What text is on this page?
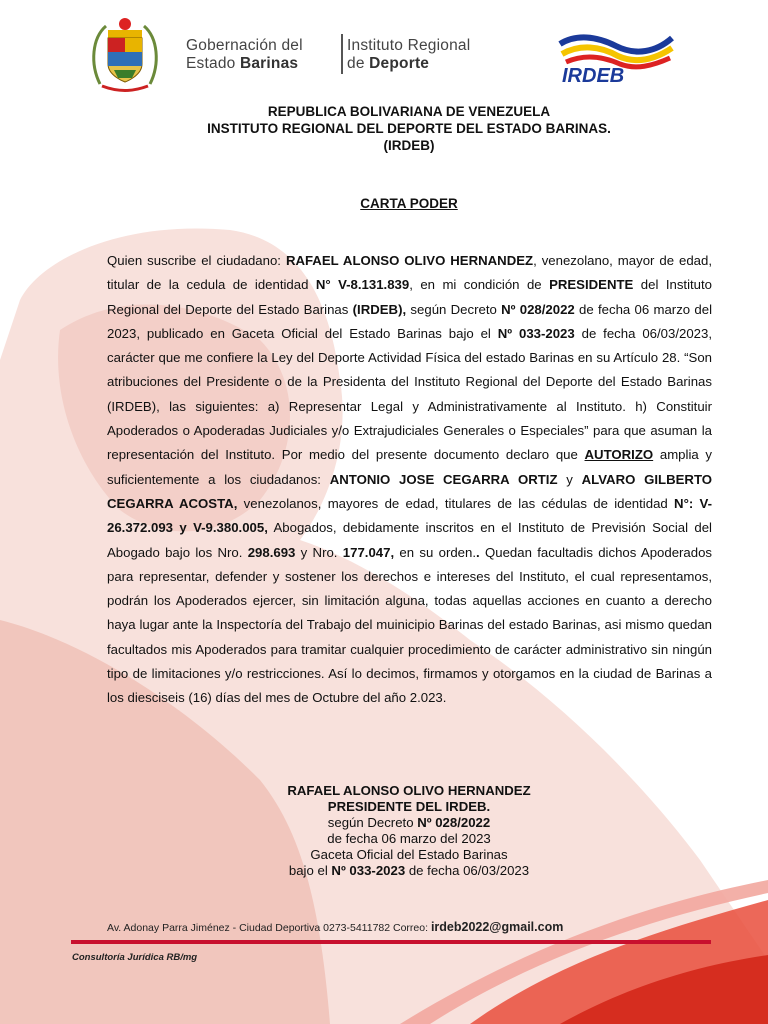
Gobernación del
Estado Barinas
Instituto Regional
de Deporte
IRDEB
REPUBLICA BOLIVARIANA DE VENEZUELA
INSTITUTO REGIONAL DEL DEPORTE DEL ESTADO BARINAS.
(IRDEB)
CARTA PODER
Quien suscribe el ciudadano: RAFAEL ALONSO OLIVO HERNANDEZ, venezolano, mayor de edad, titular de la cedula de identidad N° V-8.131.839, en mi condición de PRESIDENTE del Instituto Regional del Deporte del Estado Barinas (IRDEB), según Decreto Nº 028/2022 de fecha 06 marzo del 2023, publicado en Gaceta Oficial del Estado Barinas bajo el Nº 033-2023 de fecha 06/03/2023, carácter que me confiere la Ley del Deporte Actividad Física del estado Barinas en su Artículo 28. “Son atribuciones del Presidente o de la Presidenta del Instituto Regional del Deporte del Estado Barinas (IRDEB), las siguientes: a) Representar Legal y Administrativamente al Instituto. h) Constituir Apoderados o Apoderadas Judiciales y/o Extrajudiciales Generales o Especiales” para que asuman la representación del Instituto. Por medio del presente documento declaro que AUTORIZO amplia y suficientemente a los ciudadanos: ANTONIO JOSE CEGARRA ORTIZ y ALVARO GILBERTO CEGARRA ACOSTA, venezolanos, mayores de edad, titulares de las cédulas de identidad N°: V-26.372.093 y V-9.380.005, Abogados, debidamente inscritos en el Instituto de Previsión Social del Abogado bajo los Nro. 298.693 y Nro. 177.047, en su orden.. Quedan facultadis dichos Apoderados para representar, defender y sostener los derechos e intereses del Instituto, el cual representamos, podrán los Apoderados ejercer, sin limitación alguna, todas aquellas acciones en cuanto a derecho haya lugar ante la Inspectoría del Trabajo del muinicipio Barinas del estado Barinas, asi mismo quedan facultados mis Apoderados para tramitar cualquier procedimiento de carácter administrativo sin ningún tipo de limitaciones y/o restricciones. Así lo decimos, firmamos y otorgamos en la ciudad de Barinas a los diesciseis (16) días del mes de Octubre del año 2.023.
RAFAEL ALONSO OLIVO HERNANDEZ
PRESIDENTE DEL IRDEB.
según Decreto Nº 028/2022
de fecha 06 marzo del 2023
Gaceta Oficial del Estado Barinas
bajo el Nº 033-2023 de fecha 06/03/2023
Av. Adonay Parra Jiménez - Ciudad Deportiva 0273-5411782 Correo: irdeb2022@gmail.com
Consultoría Jurídica RB/mg
